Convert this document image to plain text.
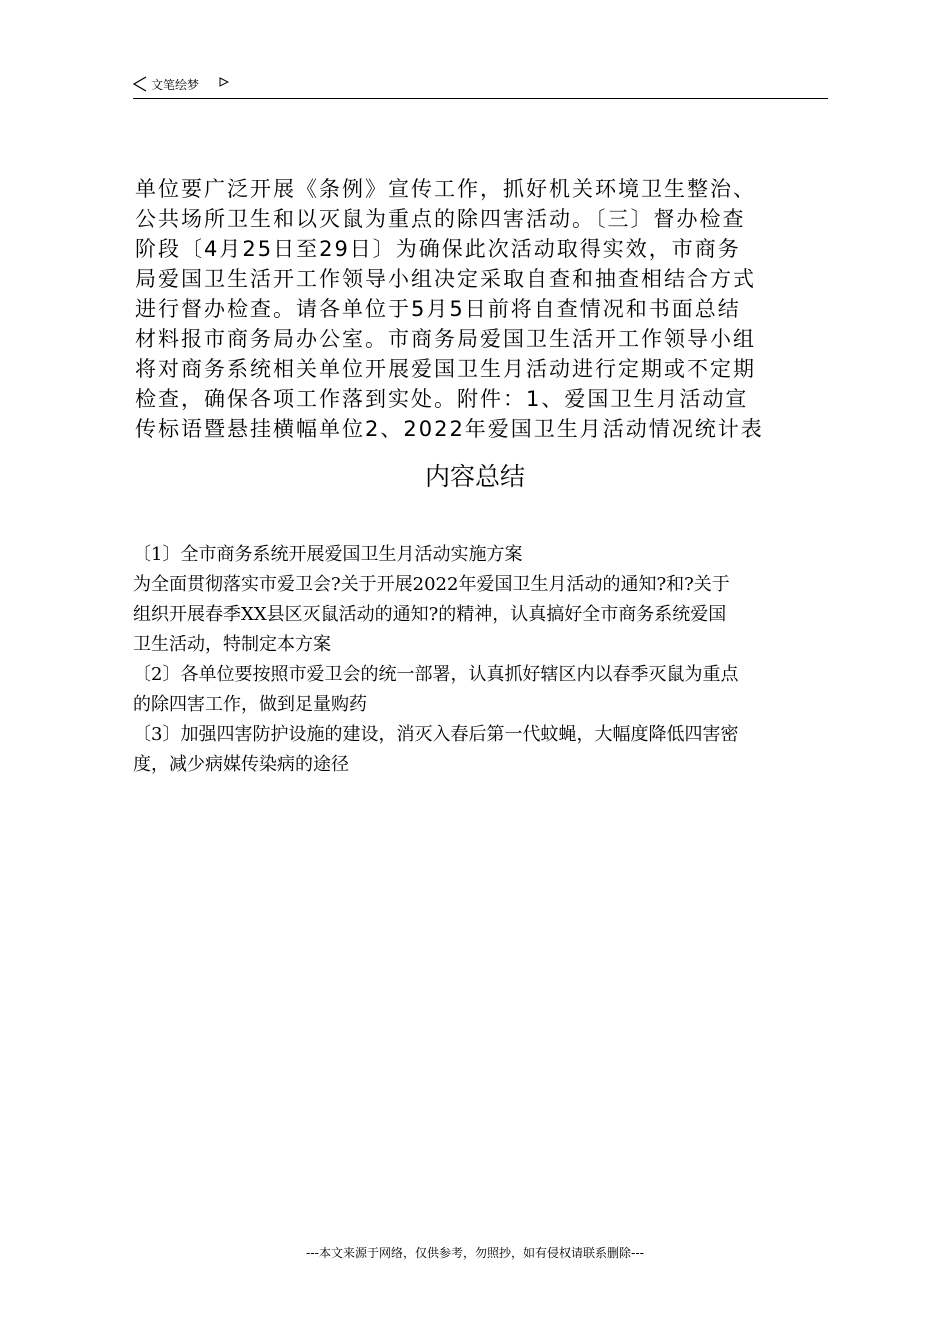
文笔绘梦
单位要广泛开展《条例》宣传工作，抓好机关环境卫生整治、
公共场所卫生和以灭鼠为重点的除四害活动。〔三〕督办检查
阶段〔4月25日至29日〕为确保此次活动取得实效，市商务
局爱国卫生活开工作领导小组决定采取自查和抽查相结合方式
进行督办检查。请各单位于5月5日前将自查情况和书面总结
材料报市商务局办公室。市商务局爱国卫生活开工作领导小组
将对商务系统相关单位开展爱国卫生月活动进行定期或不定期
检查，确保各项工作落到实处。附件：1、爱国卫生月活动宣
传标语暨悬挂横幅单位2、2022年爱国卫生月活动情况统计表
内容总结
〔1〕全市商务系统开展爱国卫生月活动实施方案
为全面贯彻落实市爱卫会?关于开展2022年爱国卫生月活动的通知?和?关于
组织开展春季XX县区灭鼠活动的通知?的精神，认真搞好全市商务系统爱国
卫生活动，特制定本方案
〔2〕各单位要按照市爱卫会的统一部署，认真抓好辖区内以春季灭鼠为重点
的除四害工作，做到足量购药
〔3〕加强四害防护设施的建设，消灭入春后第一代蚊蝇，大幅度降低四害密
度，减少病媒传染病的途径
---本文来源于网络，仅供参考，勿照抄，如有侵权请联系删除---
